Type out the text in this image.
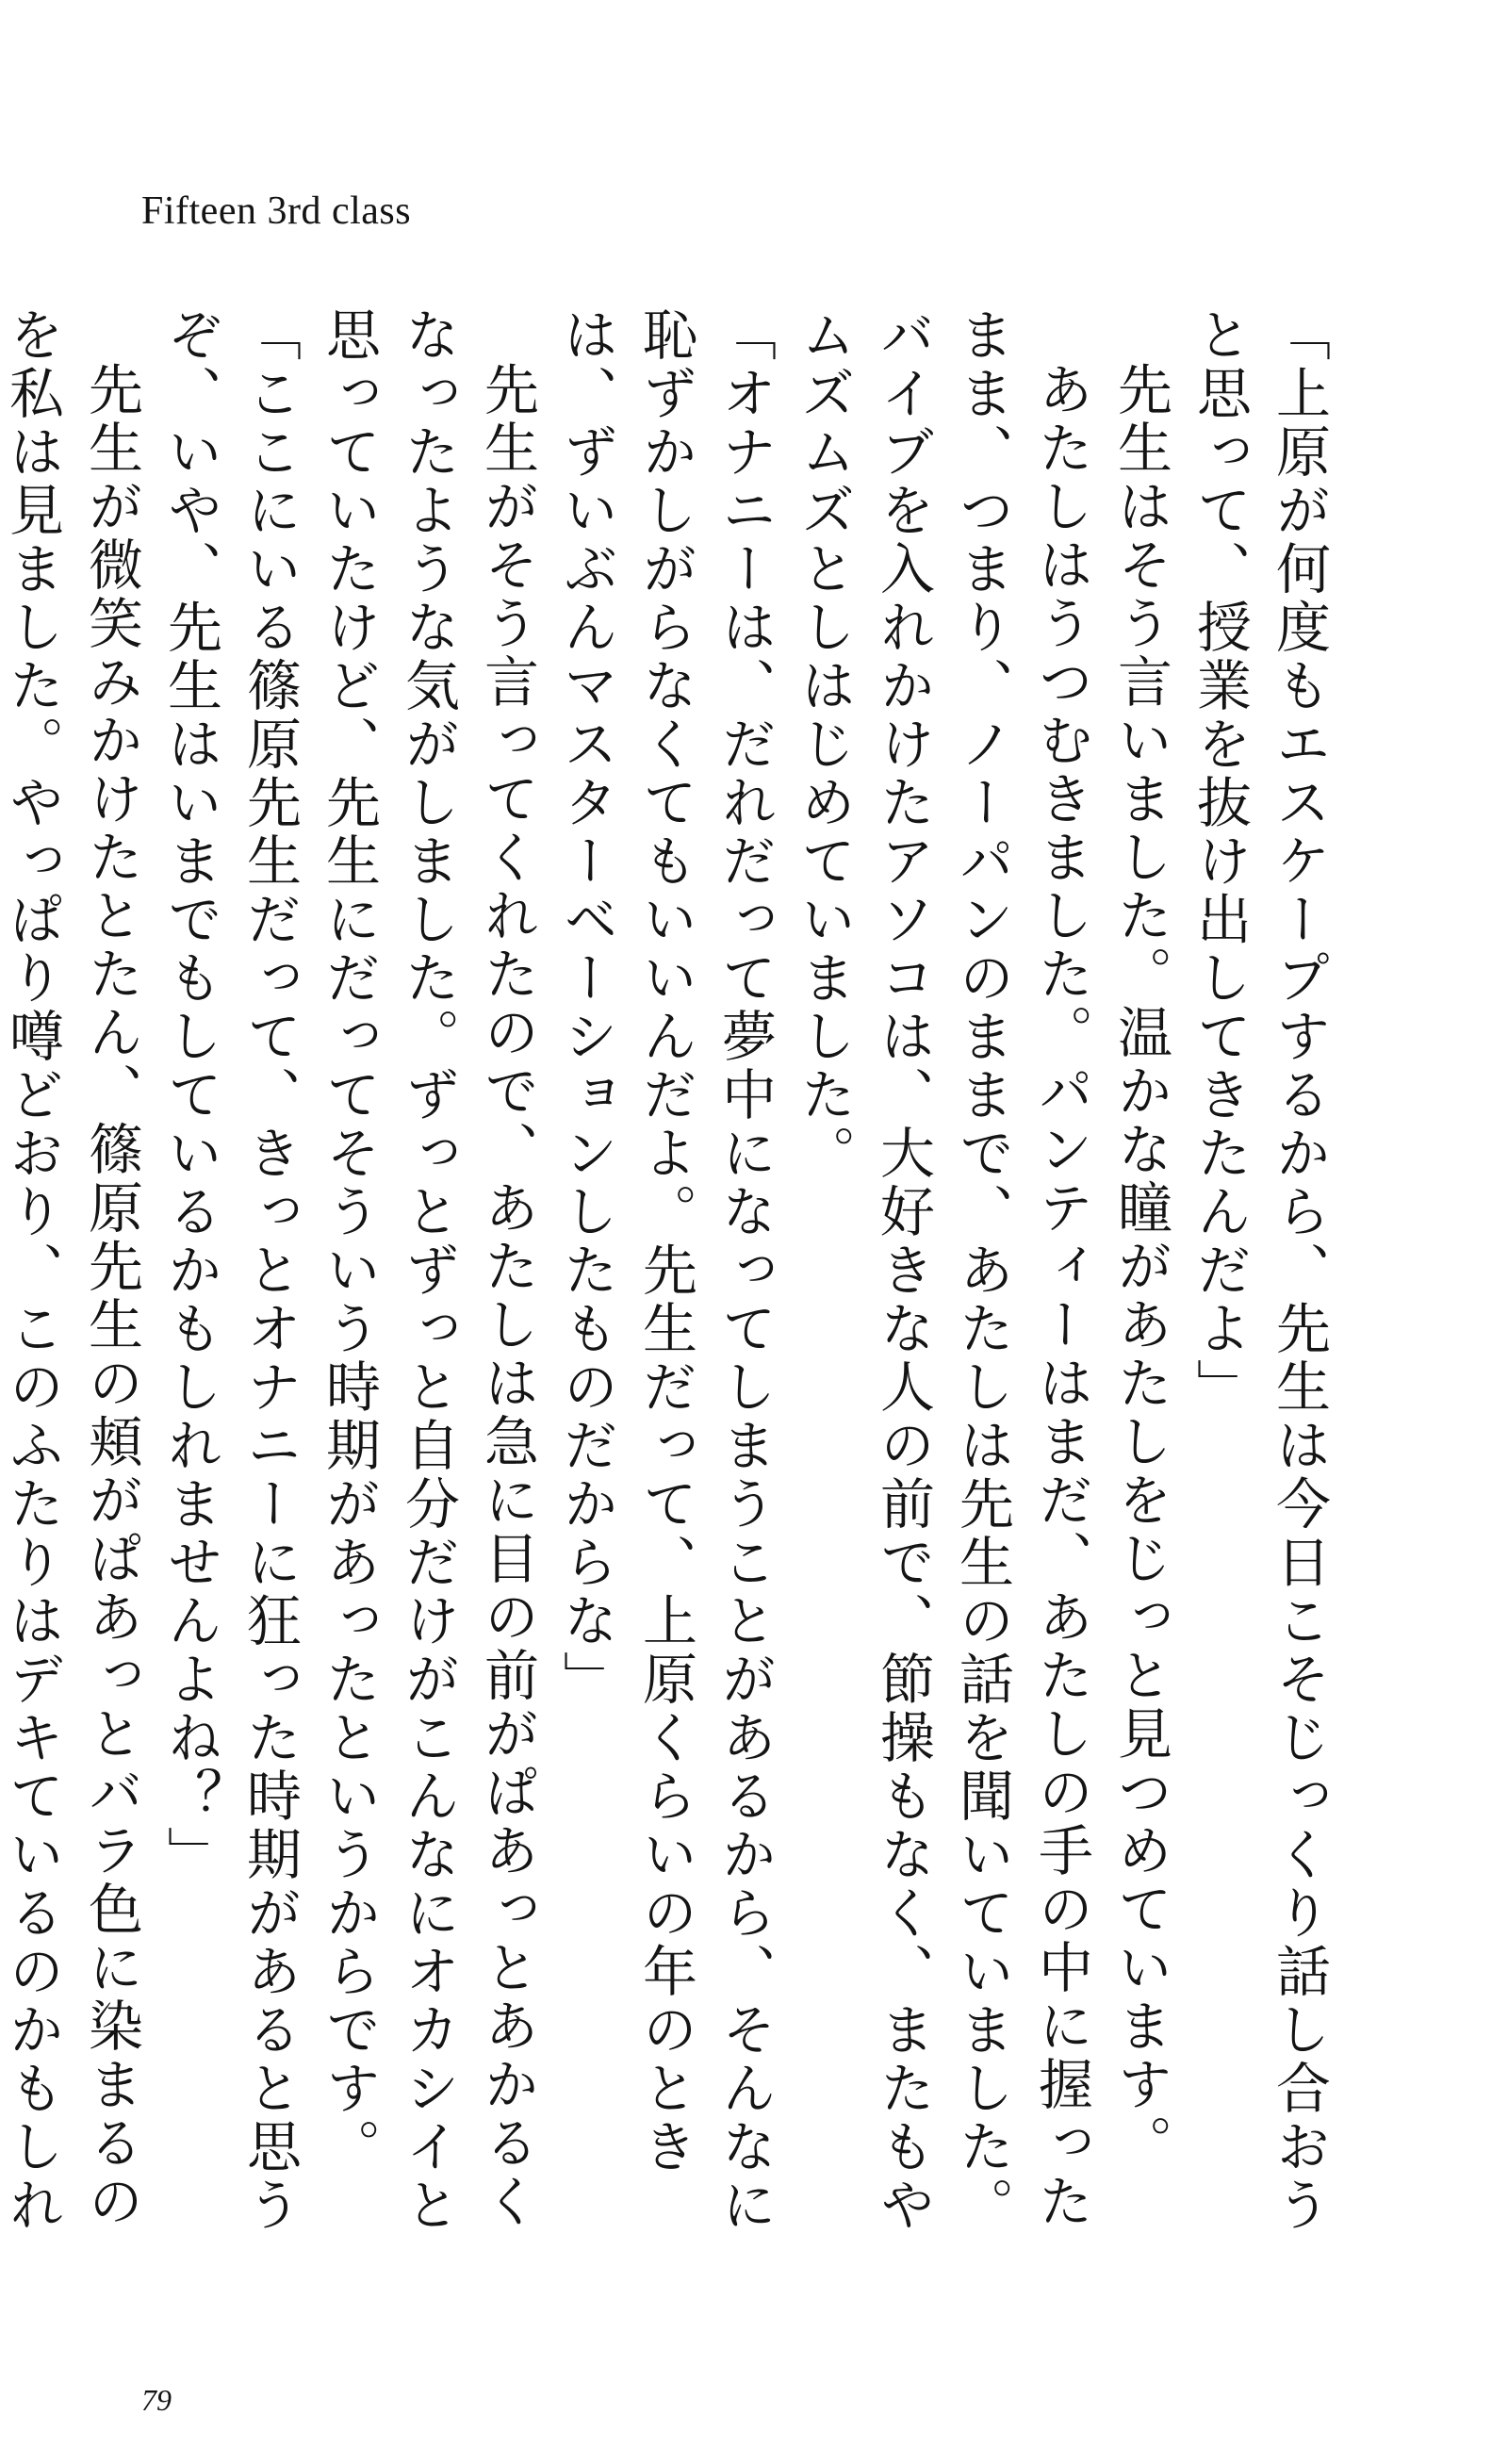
Fifteen 3rd class

「上原が何度もエスケープするから、先生は今日こそじっくり話し合おうと思って、授業を抜け出してきたんだよ」

先生はそう言いました。温かな瞳があたしをじっと見つめています。

あたしはうつむきました。パンティーはまだ、あたしの手の中に握ったまま、つまり、ノーパンのままで、あたしは先生の話を聞いていました。バイブを入れかけたアソコは、大好きな人の前で、節操もなく、またもやムズムズとしはじめていました。

「オナニーは、だれだって夢中になってしまうことがあるから、そんなに恥ずかしがらなくてもいいんだよ。先生だって、上原くらいの年のときは、ずいぶんマスターベーションしたものだからな」

先生がそう言ってくれたので、あたしは急に目の前がぱあっとあかるくなったような気がしました。ずっとずっと自分だけがこんなにオカシイと思っていたけど、先生にだってそういう時期があったというからです。

「ここにいる篠原先生だって、きっとオナニーに狂った時期があると思うぞ、いや、先生はいまでもしているかもしれませんよね？」

先生が微笑みかけたとたん、篠原先生の頬がぱあっとバラ色に染まるのを私は見ました。やっぱり噂どおり、このふたりはデキているのかもしれ

79
